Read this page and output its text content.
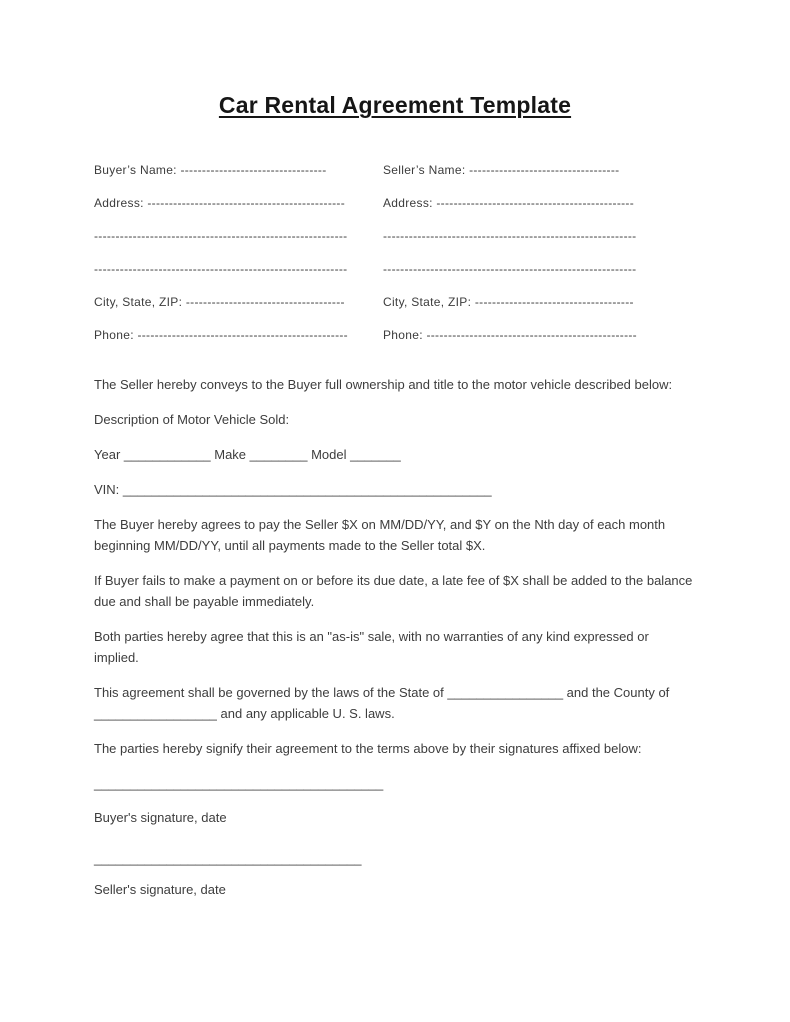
Car Rental Agreement Template
Buyer’s Name: ----------------------------------	Seller’s Name: -----------------------------------
Address: ----------------------------------------------	Address: ----------------------------------------------
-----------------------------------------------------------	-----------------------------------------------------------
-----------------------------------------------------------	-----------------------------------------------------------
City, State, ZIP: -------------------------------------	City, State, ZIP: -------------------------------------
Phone: -------------------------------------------------	Phone: -------------------------------------------------

The Seller hereby conveys to the Buyer full ownership and title to the motor vehicle described below:

Description of Motor Vehicle Sold:

Year ____________ Make ________ Model _______

VIN: ___________________________________________________

The Buyer hereby agrees to pay the Seller $X on MM/DD/YY, and $Y on the Nth day of each month beginning MM/DD/YY, until all payments made to the Seller total $X.

If Buyer fails to make a payment on or before its due date, a late fee of $X shall be added to the balance due and shall be payable immediately.

Both parties hereby agree that this is an "as-is" sale, with no warranties of any kind expressed or implied.

This agreement shall be governed by the laws of the State of ________________ and the County of _________________ and any applicable U. S. laws.

The parties hereby signify their agreement to the terms above by their signatures affixed below:

________________________________________

Buyer's signature, date

_____________________________________

Seller's signature, date
